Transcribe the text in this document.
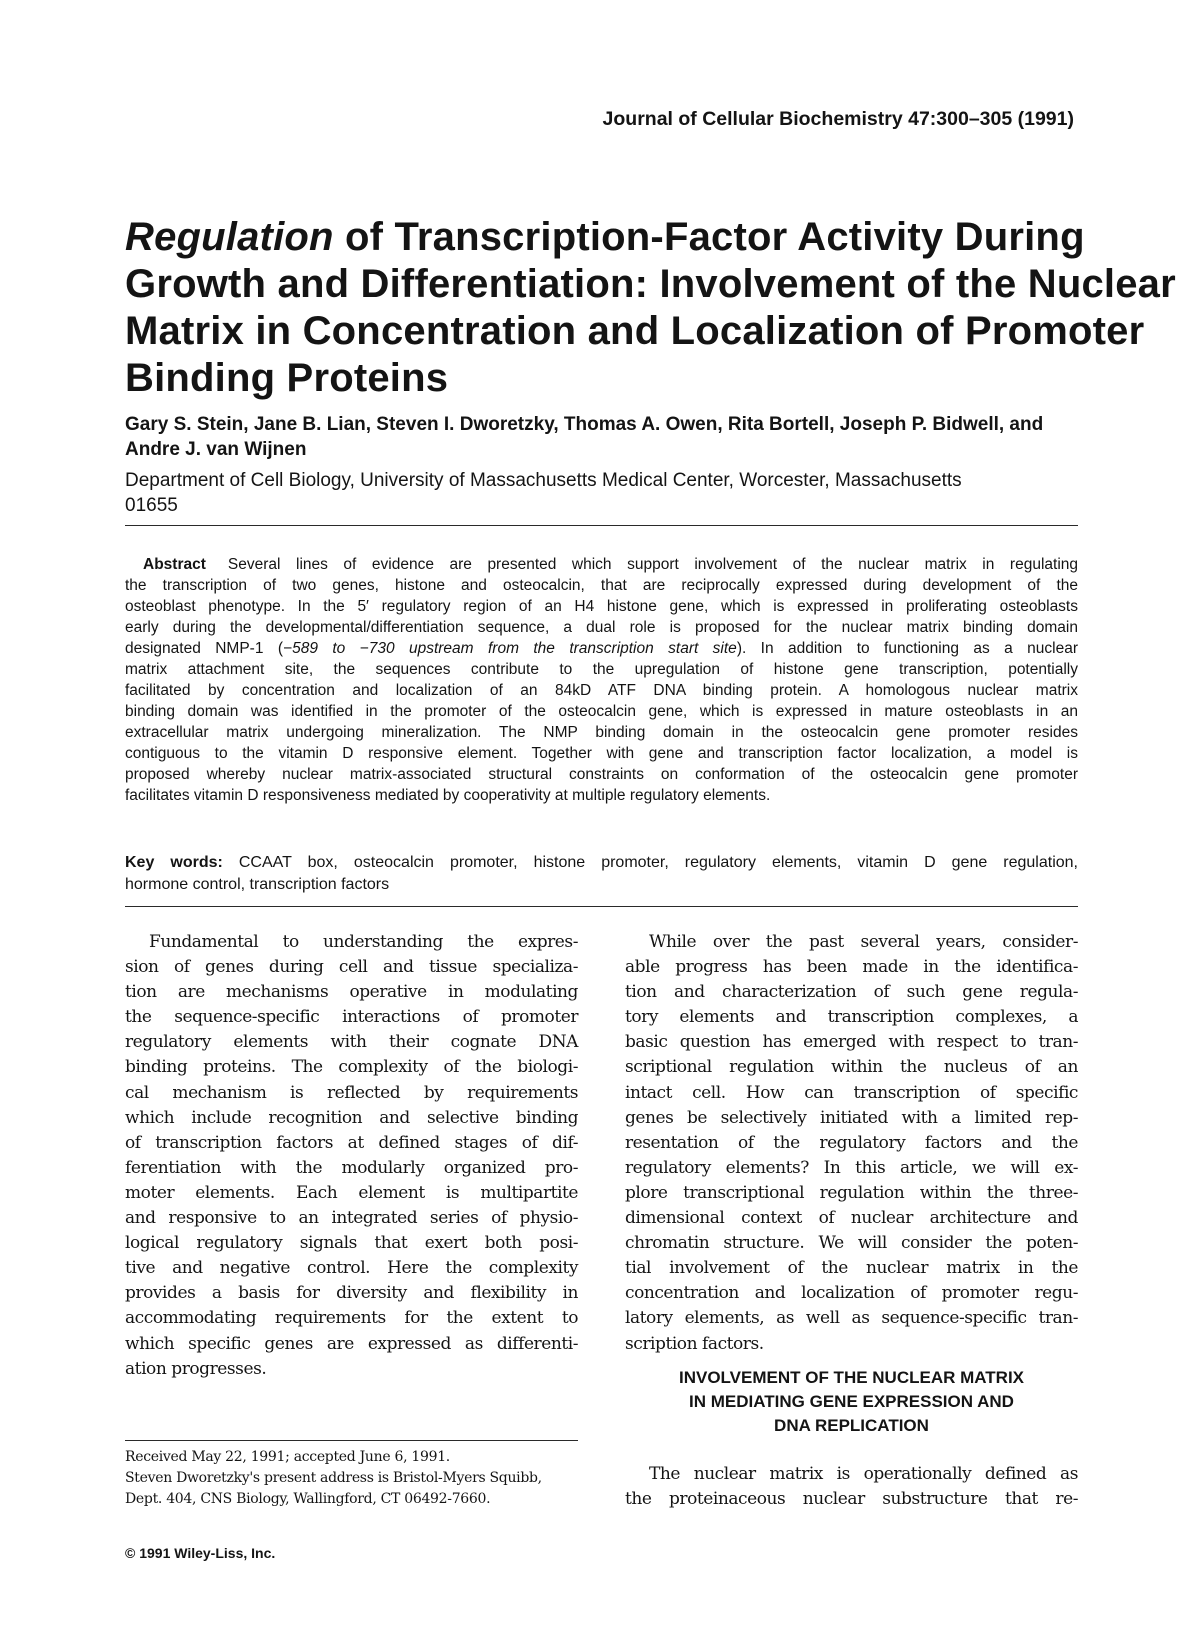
Journal of Cellular Biochemistry 47:300–305 (1991)
Regulation of Transcription-Factor Activity During
Growth and Differentiation: Involvement of the Nuclear
Matrix in Concentration and Localization of Promoter
Binding Proteins
Gary S. Stein, Jane B. Lian, Steven I. Dworetzky, Thomas A. Owen, Rita Bortell, Joseph P. Bidwell, and
Andre J. van Wijnen
Department of Cell Biology, University of Massachusetts Medical Center, Worcester, Massachusetts
01655
Abstract Several lines of evidence are presented which support involvement of the nuclear matrix in regulating
the transcription of two genes, histone and osteocalcin, that are reciprocally expressed during development of the
osteoblast phenotype. In the 5′ regulatory region of an H4 histone gene, which is expressed in proliferating osteoblasts
early during the developmental/differentiation sequence, a dual role is proposed for the nuclear matrix binding domain
designated NMP-1 (−589 to −730 upstream from the transcription start site). In addition to functioning as a nuclear
matrix attachment site, the sequences contribute to the upregulation of histone gene transcription, potentially
facilitated by concentration and localization of an 84kD ATF DNA binding protein. A homologous nuclear matrix
binding domain was identified in the promoter of the osteocalcin gene, which is expressed in mature osteoblasts in an
extracellular matrix undergoing mineralization. The NMP binding domain in the osteocalcin gene promoter resides
contiguous to the vitamin D responsive element. Together with gene and transcription factor localization, a model is
proposed whereby nuclear matrix-associated structural constraints on conformation of the osteocalcin gene promoter
facilitates vitamin D responsiveness mediated by cooperativity at multiple regulatory elements.
Key words: CCAAT box, osteocalcin promoter, histone promoter, regulatory elements, vitamin D gene regulation,
hormone control, transcription factors
Fundamental to understanding the expres-
sion of genes during cell and tissue specializa-
tion are mechanisms operative in modulating
the sequence-specific interactions of promoter
regulatory elements with their cognate DNA
binding proteins. The complexity of the biologi-
cal mechanism is reflected by requirements
which include recognition and selective binding
of transcription factors at defined stages of dif-
ferentiation with the modularly organized pro-
moter elements. Each element is multipartite
and responsive to an integrated series of physio-
logical regulatory signals that exert both posi-
tive and negative control. Here the complexity
provides a basis for diversity and flexibility in
accommodating requirements for the extent to
which specific genes are expressed as differenti-
ation progresses.
While over the past several years, consider-
able progress has been made in the identifica-
tion and characterization of such gene regula-
tory elements and transcription complexes, a
basic question has emerged with respect to tran-
scriptional regulation within the nucleus of an
intact cell. How can transcription of specific
genes be selectively initiated with a limited rep-
resentation of the regulatory factors and the
regulatory elements? In this article, we will ex-
plore transcriptional regulation within the three-
dimensional context of nuclear architecture and
chromatin structure. We will consider the poten-
tial involvement of the nuclear matrix in the
concentration and localization of promoter regu-
latory elements, as well as sequence-specific tran-
scription factors.
INVOLVEMENT OF THE NUCLEAR MATRIX
IN MEDIATING GENE EXPRESSION AND
DNA REPLICATION
The nuclear matrix is operationally defined as
the proteinaceous nuclear substructure that re-
Received May 22, 1991; accepted June 6, 1991.
Steven Dworetzky's present address is Bristol-Myers Squibb,
Dept. 404, CNS Biology, Wallingford, CT 06492-7660.
© 1991 Wiley-Liss, Inc.
